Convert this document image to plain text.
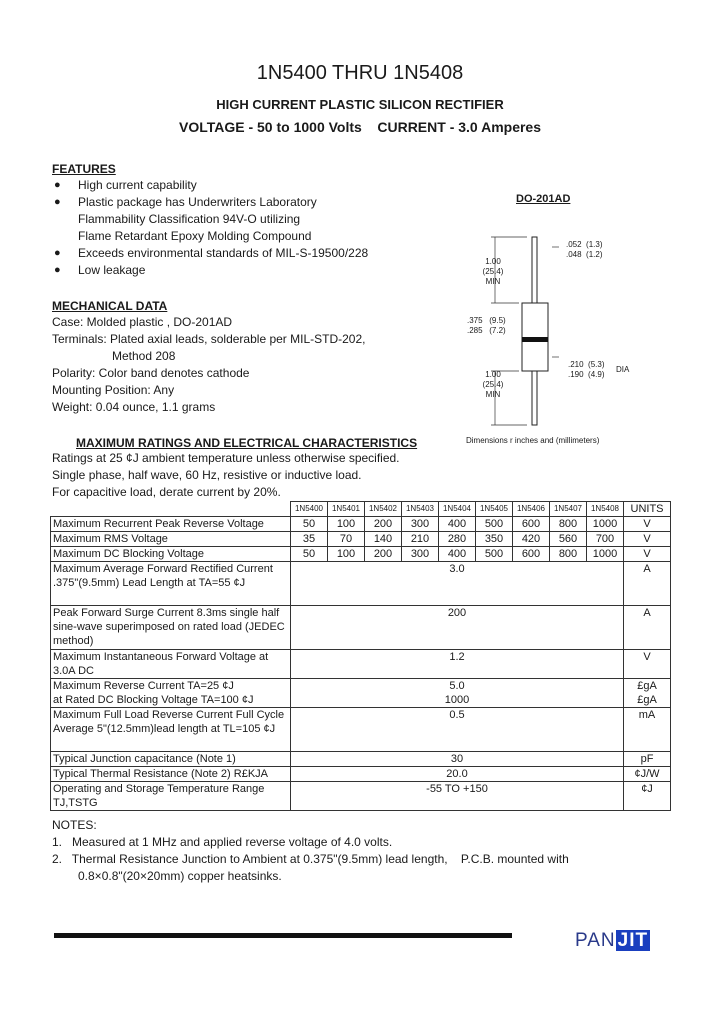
1N5400 THRU 1N5408
HIGH CURRENT PLASTIC SILICON RECTIFIER
VOLTAGE - 50 to 1000 Volts    CURRENT - 3.0 Amperes
FEATURES
● High current capability
● Plastic package has Underwriters Laboratory
Flammability Classification 94V-O utilizing
Flame Retardant Epoxy Molding Compound
● Exceeds environmental standards of MIL-S-19500/228
● Low leakage
MECHANICAL DATA

Case: Molded plastic , DO-201AD

Terminals: Plated axial leads, solderable per MIL-STD-202,

Method 208

Polarity: Color band denotes cathode

Mounting Position: Any

Weight: 0.04 ounce, 1.1 grams

DO-201AD
.052 (1.3)
.048 (1.2)
1.00
(25.4)
MIN
.375 (9.5)
.285 (7.2)
.210 (5.3)
.190 (4.9)
DIA
1.00
(25.4)
MIN
Dimensions r inches and (millimeters)
MAXIMUM RATINGS AND ELECTRICAL CHARACTERISTICS
Ratings at 25 ¢J ambient temperature unless otherwise specified.
Single phase, half wave, 60 Hz, resistive or inductive load.
For capacitive load, derate current by 20%.
	1N5400	1N5401	1N5402	1N5403	1N5404	1N5405	1N5406	1N5407	1N5408	UNITS
Maximum Recurrent Peak Reverse Voltage	50	100	200	300	400	500	600	800	1000	V
Maximum RMS Voltage	35	70	140	210	280	350	420	560	700	V
Maximum DC Blocking Voltage	50	100	200	300	400	500	600	800	1000	V
Maximum Average Forward Rectified Current .375"(9.5mm) Lead Length at TA=55 ¢J	3.0									A
Peak Forward Surge Current 8.3ms single half sine-wave superimposed on rated load (JEDEC method)	200									A
Maximum Instantaneous Forward Voltage at 3.0A DC	1.2									V
Maximum Reverse Current TA=25 ¢J	5.0									£gA
at Rated DC Blocking Voltage TA=100 ¢J	1000									£gA
Maximum Full Load Reverse Current Full Cycle Average 5"(12.5mm)lead length at TL=105 ¢J	0.5									mA
Typical Junction capacitance (Note 1)	30									pF
Typical Thermal Resistance (Note 2) R£KJA	20.0									¢J/W
Operating and Storage Temperature Range TJ,TSTG	-55 TO +150									¢J

NOTES:

1.   Measured at 1 MHz and applied reverse voltage of 4.0 volts.

2.   Thermal Resistance Junction to Ambient at 0.375"(9.5mm) lead length,    P.C.B. mounted with

0.8×0.8"(20×20mm) copper heatsinks.

PAN JIT
